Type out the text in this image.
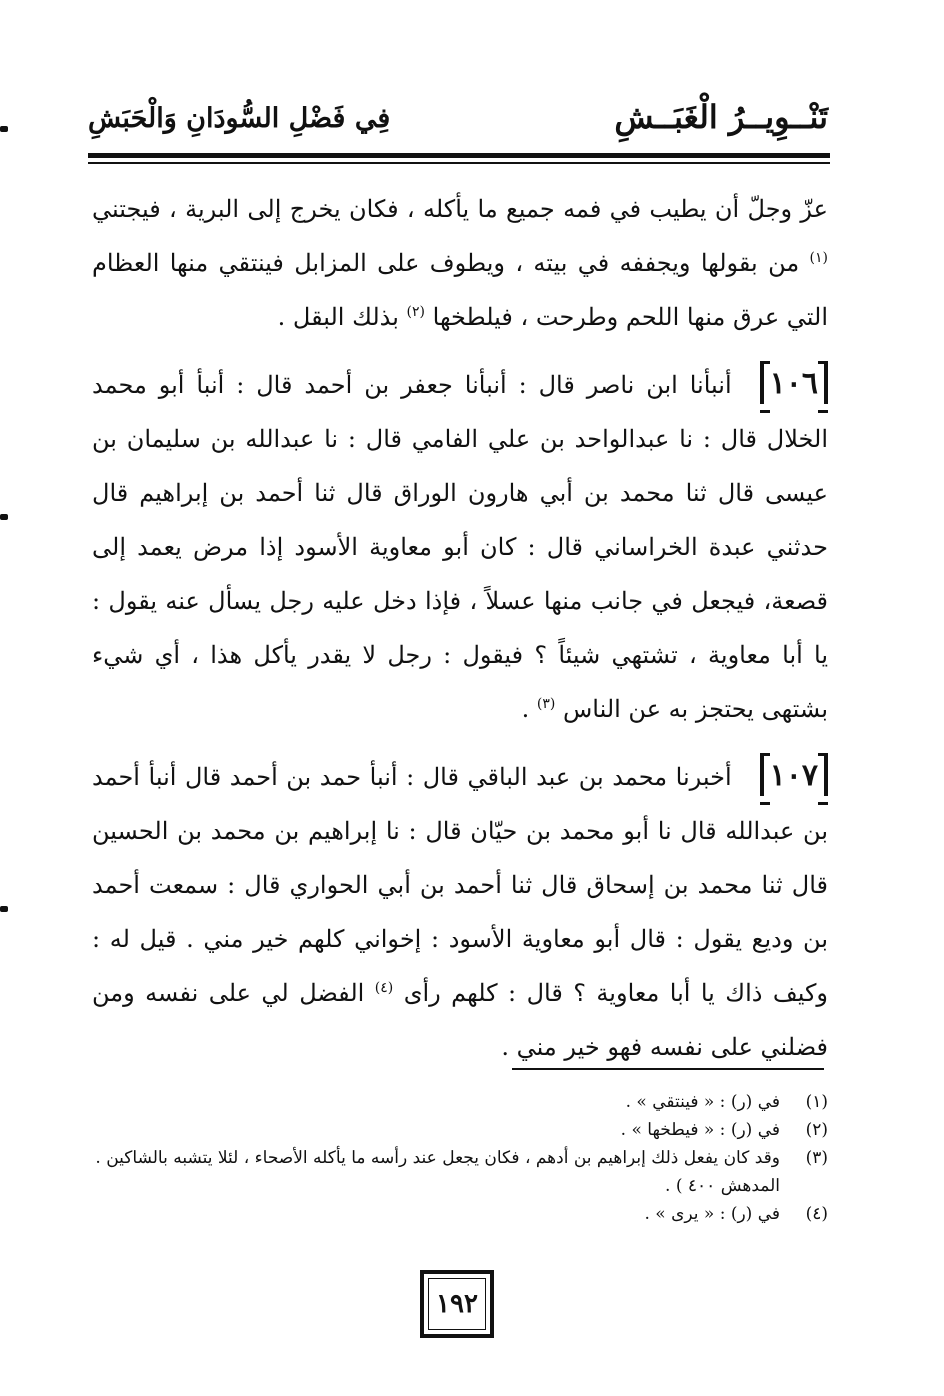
تَنْــوِيــرُ الْغَبَــشِ
فِي فَضْلِ السُّودَانِ وَالْحَبَشِ

عزّ وجلّ أن يطيب في فمه جميع ما يأكله ، فكان يخرج إلى البرية ، فيجتني $^{(١)}$ من بقولها ويجففه في بيته ، ويطوف على المزابل فينتقي منها العظام التي عرق منها اللحم وطرحت ، فيلطخها $^{(٢)}$ بذلك البقل .

١٠٦أنبأنا ابن ناصر قال : أنبأنا جعفر بن أحمد قال : أنبأ أبو محمد الخلال قال : نا عبدالواحد بن علي الفامي قال : نا عبدالله بن سليمان بن عيسى قال ثنا محمد بن أبي هارون الوراق قال ثنا أحمد بن إبراهيم قال حدثني عبدة الخراساني قال : كان أبو معاوية الأسود إذا مرض يعمد إلى قصعة، فيجعل في جانب منها عسلاً ، فإذا دخل عليه رجل يسأل عنه يقول : يا أبا معاوية ، تشتهي شيئاً ؟ فيقول : رجل لا يقدر يأكل هذا ، أي شيء بشتهى يحتجز به عن الناس $^{(٣)}$ .

١٠٧أخبرنا محمد بن عبد الباقي قال : أنبأ حمد بن أحمد قال أنبأ أحمد بن عبدالله قال نا أبو محمد بن حيّان قال : نا إبراهيم بن محمد بن الحسين قال ثنا محمد بن إسحاق قال ثنا أحمد بن أبي الحواري قال : سمعت أحمد بن وديع يقول : قال أبو معاوية الأسود : إخواني كلهم خير مني . قيل له : وكيف ذاك يا أبا معاوية ؟ قال : كلهم رأى $^{(٤)}$ الفضل لي على نفسه ومن فضلني على نفسه فهو خير مني .

(١)
في (ر) : « فينتقي » .
(٢)
في (ر) : « فيطخها » .
(٣)
وقد كان يفعل ذلك إبراهيم بن أدهم ، فكان يجعل عند رأسه ما يأكله الأصحاء ، لئلا يتشبه بالشاكين . المدهش ٤٠٠ ) .
(٤)
في (ر) : « يرى » .
١٩٢
